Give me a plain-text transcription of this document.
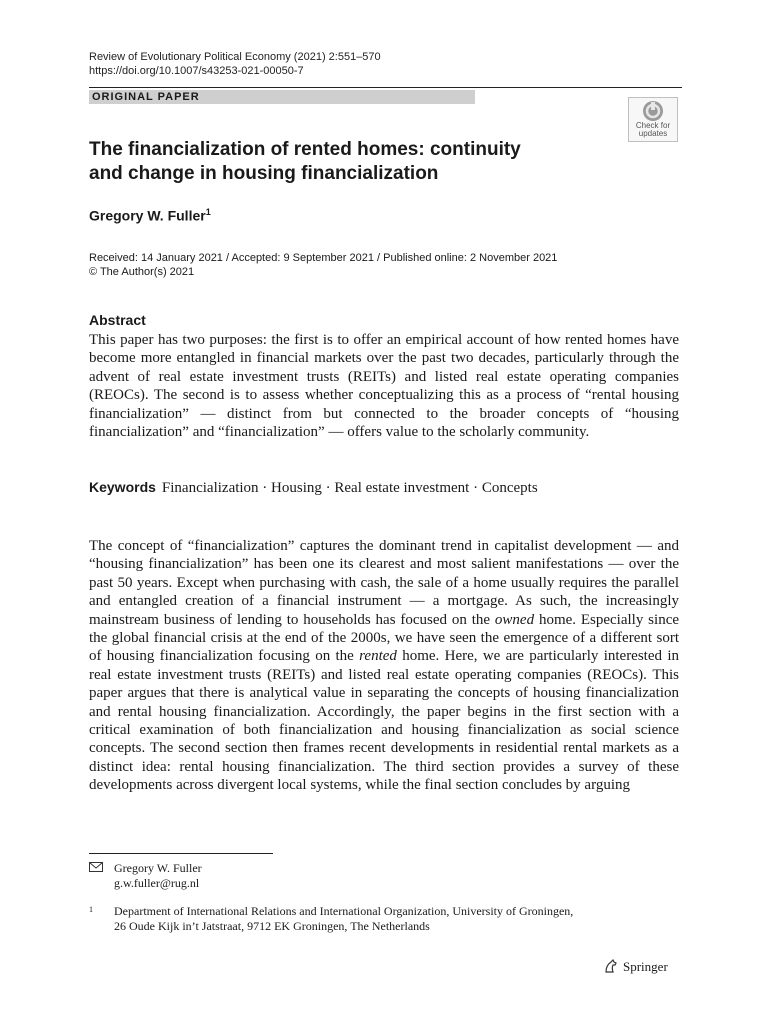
Review of Evolutionary Political Economy (2021) 2:551–570
https://doi.org/10.1007/s43253-021-00050-7
ORIGINAL PAPER
Check for
updates
The financialization of rented homes: continuity
and change in housing financialization
Gregory W. Fuller$^1$
Received: 14 January 2021 / Accepted: 9 September 2021 / Published online: 2 November 2021
© The Author(s) 2021
Abstract
This paper has two purposes: the first is to offer an empirical account of how rented homes have become more entangled in financial markets over the past two decades, particularly through the advent of real estate investment trusts (REITs) and listed real estate operating companies (REOCs). The second is to assess whether conceptualizing this as a process of “rental housing financialization” — distinct from but connected to the broader concepts of “housing financialization” and “financialization” — offers value to the scholarly community.
Keywords Financialization · Housing · Real estate investment · Concepts
The concept of “financialization” captures the dominant trend in capitalist development — and “housing financialization” has been one its clearest and most salient manifestations — over the past 50 years. Except when purchasing with cash, the sale of a home usually requires the parallel and entangled creation of a financial instrument — a mortgage. As such, the increasingly mainstream business of lending to households has focused on the owned home. Especially since the global financial crisis at the end of the 2000s, we have seen the emergence of a different sort of housing financialization focusing on the rented home. Here, we are particularly interested in real estate investment trusts (REITs) and listed real estate operating companies (REOCs). This paper argues that there is analytical value in separating the concepts of housing financialization and rental housing financialization. Accordingly, the paper begins in the first section with a critical examination of both financialization and housing financialization as social science concepts. The second section then frames recent developments in residential rental markets as a distinct idea: rental housing financialization. The third section provides a survey of these developments across divergent local systems, while the final section concludes by arguing
Gregory W. Fuller
g.w.fuller@rug.nl
1 Department of International Relations and International Organization, University of Groningen,
26 Oude Kijk in’t Jatstraat, 9712 EK Groningen, The Netherlands
Springer
